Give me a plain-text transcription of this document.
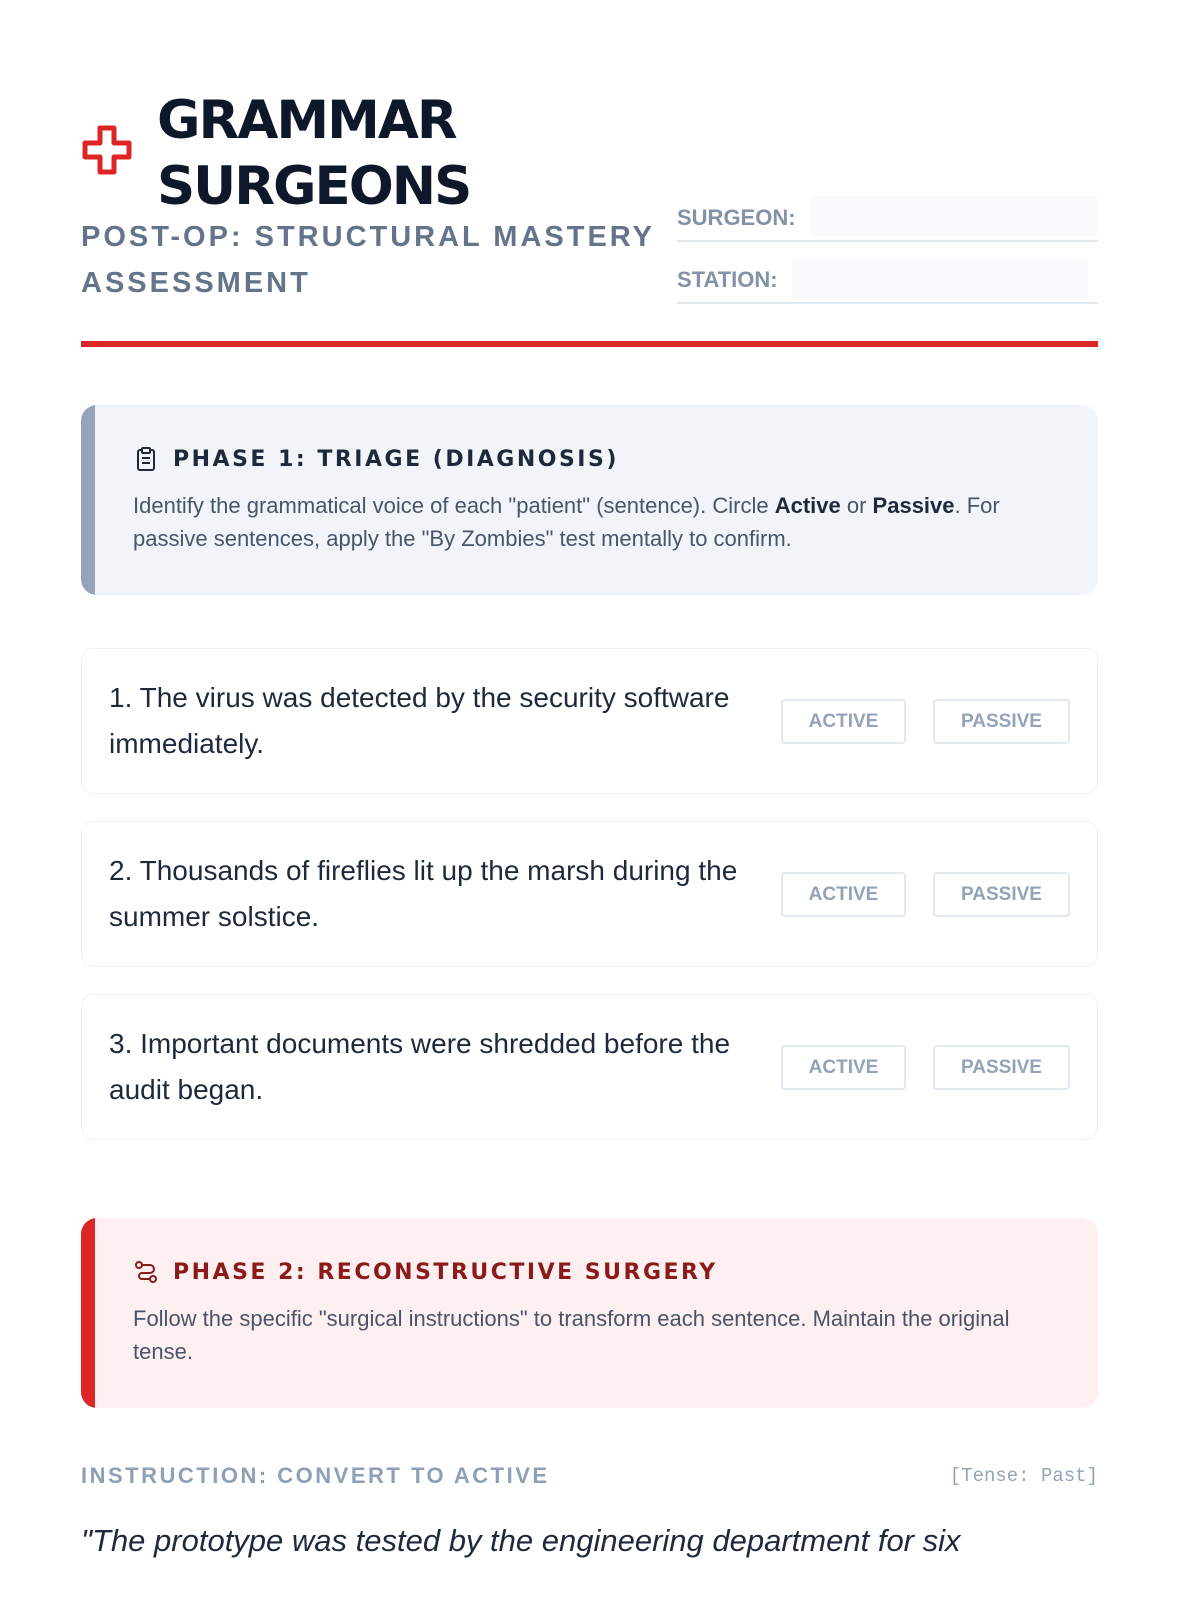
GRAMMAR
SURGEONS
POST-OP: STRUCTURAL MASTERY ASSESSMENT
SURGEON:
STATION:
PHASE 1: TRIAGE (DIAGNOSIS)

Identify the grammatical voice of each "patient" (sentence). Circle Active or Passive. For passive sentences, apply the "By Zombies" test mentally to confirm.

1. The virus was detected by the security software immediately.
ACTIVE	PASSIVE
2. Thousands of fireflies lit up the marsh during the summer solstice.
ACTIVE	PASSIVE
3. Important documents were shredded before the audit began.
ACTIVE	PASSIVE
PHASE 2: RECONSTRUCTIVE SURGERY

Follow the specific "surgical instructions" to transform each sentence. Maintain the original tense.

INSTRUCTION: CONVERT TO ACTIVE	[Tense: Past]
"The prototype was tested by the engineering department for six
